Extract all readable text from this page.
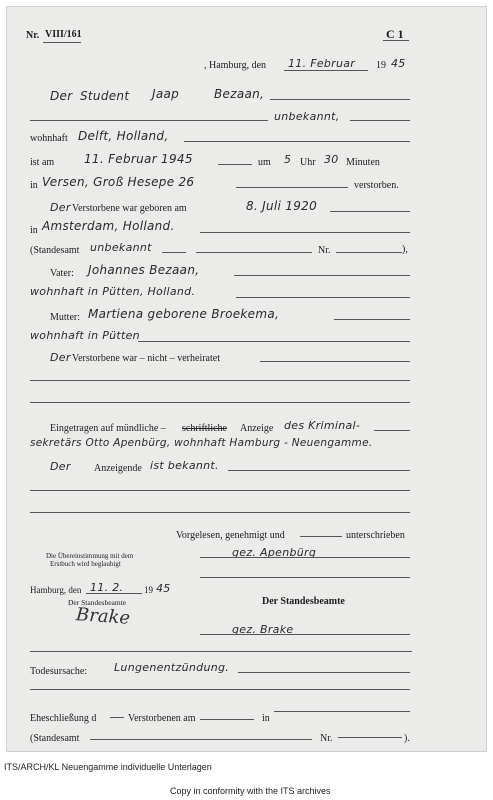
Nr. VIII/161	C 1
, Hamburg, den 11. Februar 19 45
Der Student Jaap	Bezaan,
unbekannt,
wohnhaft Delft, Holland,
ist am 11. Februar 1945	um 5 Uhr 30 Minuten
in Versen, Groß Hesepe 26	verstorben.
Der Verstorbene war geboren am	8. Juli 1920
in Amsterdam, Holland.
(Standesamt unbekannt	Nr.	),
Vater: Johannes Bezaan,
wohnhaft in Pütten, Holland.
Mutter: Martiena geborene Broekema,
wohnhaft in Pütten
Der Verstorbene war – nicht – verheiratet
Eingetragen auf mündliche – schriftliche Anzeige des Kriminal-
sekretärs Otto Apenbürg, wohnhaft Hamburg - Neuengamme.
Der Anzeigende ist bekannt.
Vorgelesen, genehmigt und	unterschrieben
gez. Apenbürg
Die Übereinstimmung mit dem
Erstbuch wird beglaubigt
Hamburg, den 11. 2. 19 45
Der Standesbeamte
Brake
Der Standesbeamte
gez. Brake
Todesursache: Lungenentzündung.
Eheschließung d	Verstorbenen am	in
(Standesamt	Nr.	).
ITS/ARCH/KL Neuengamme individuelle Unterlagen
Copy in conformity with the ITS archives
